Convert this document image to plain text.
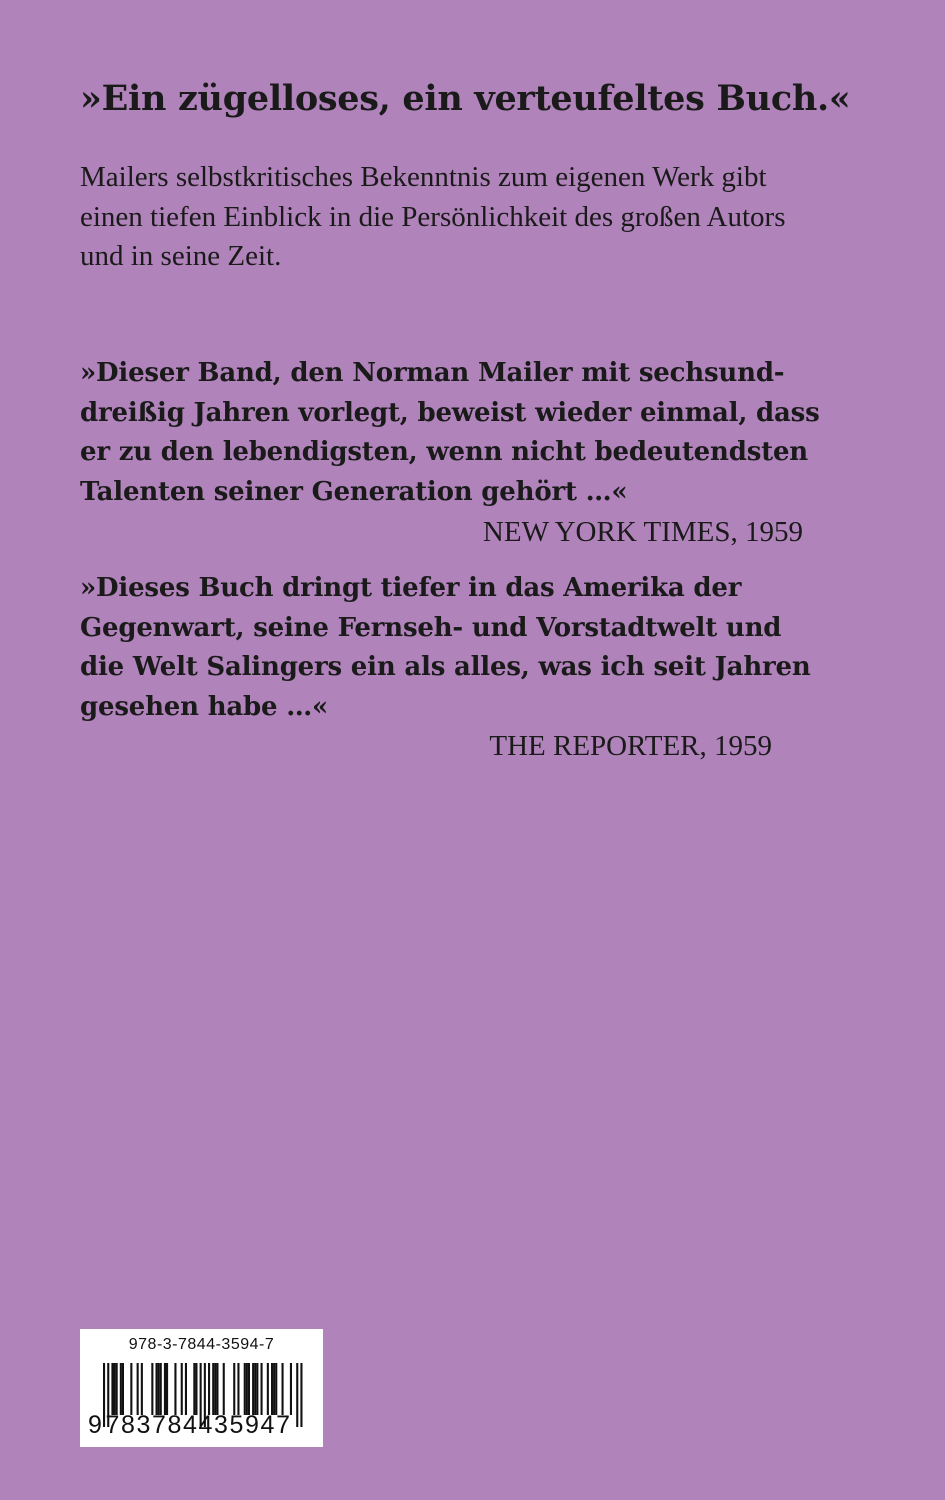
»Ein zügelloses, ein verteufeltes Buch.«

Mailers selbstkritisches Bekenntnis zum eigenen Werk gibt
einen tiefen Einblick in die Persönlichkeit des großen Autors
und in seine Zeit.

»Dieser Band, den Norman Mailer mit sechsund-
dreißig Jahren vorlegt, beweist wieder einmal, dass
er zu den lebendigsten, wenn nicht bedeutendsten
Talenten seiner Generation gehört …«

NEW YORK TIMES, 1959

»Dieses Buch dringt tiefer in das Amerika der
Gegenwart, seine Fernseh- und Vorstadtwelt und
die Welt Salingers ein als alles, was ich seit Jahren
gesehen habe …«

THE REPORTER, 1959

978-3-7844-3594-7
9783784435947
